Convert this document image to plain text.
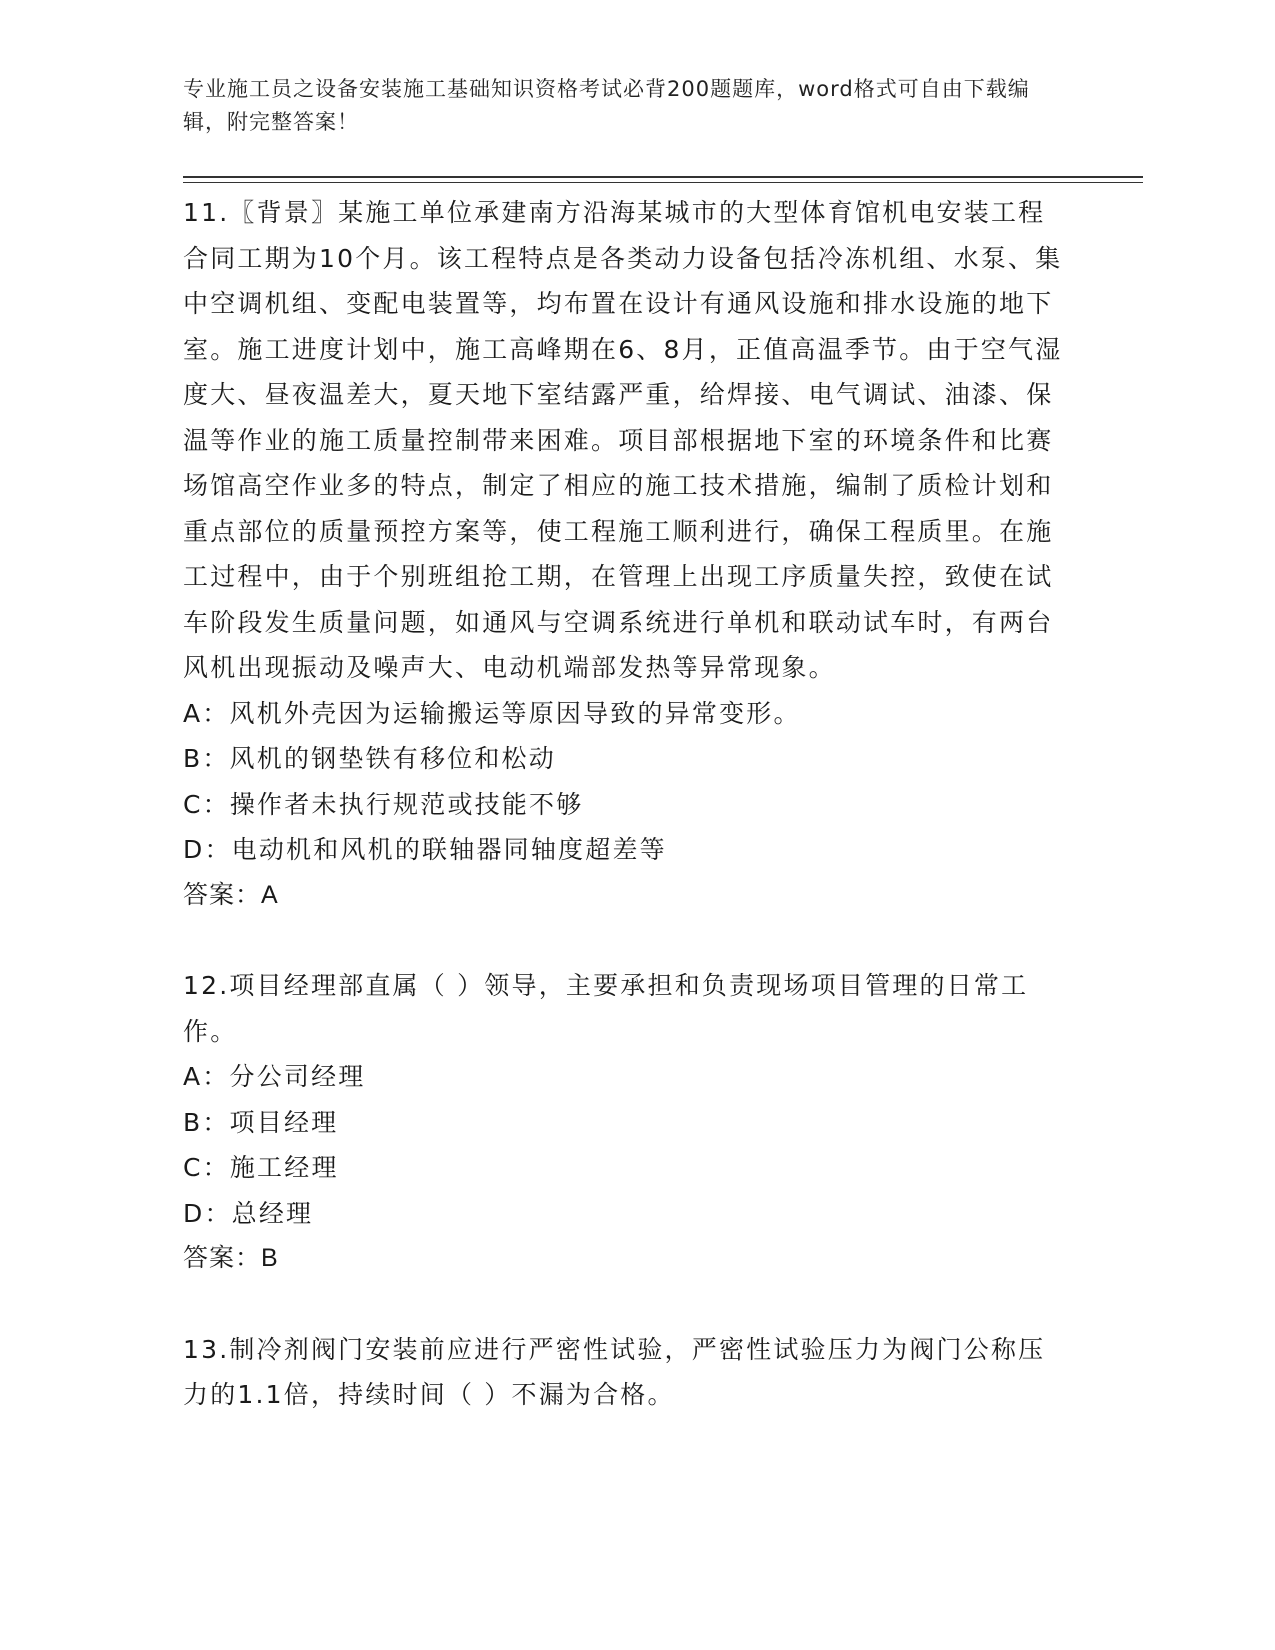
专业施工员之设备安装施工基础知识资格考试必背200题题库，word格式可自由下载编辑，附完整答案！

11.〖背景〗某施工单位承建南方沿海某城市的大型体育馆机电安装工程合同工期为10个月。该工程特点是各类动力设备包括冷冻机组、水泵、集中空调机组、变配电装置等，均布置在设计有通风设施和排水设施的地下室。施工进度计划中，施工高峰期在6、8月，正值高温季节。由于空气湿度大、昼夜温差大，夏天地下室结露严重，给焊接、电气调试、油漆、保温等作业的施工质量控制带来困难。项目部根据地下室的环境条件和比赛场馆高空作业多的特点，制定了相应的施工技术措施，编制了质检计划和重点部位的质量预控方案等，使工程施工顺利进行，确保工程质里。在施工过程中，由于个别班组抢工期，在管理上出现工序质量失控，致使在试车阶段发生质量问题，如通风与空调系统进行单机和联动试车时，有两台风机出现振动及噪声大、电动机端部发热等异常现象。

A：风机外壳因为运输搬运等原因导致的异常变形。

B：风机的钢垫铁有移位和松动

C：操作者未执行规范或技能不够

D：电动机和风机的联轴器同轴度超差等

答案：A

12.项目经理部直属（ ）领导，主要承担和负责现场项目管理的日常工作。

A：分公司经理

B：项目经理

C：施工经理

D：总经理

答案：B

13.制冷剂阀门安装前应进行严密性试验，严密性试验压力为阀门公称压力的1.1倍，持续时间（ ）不漏为合格。
